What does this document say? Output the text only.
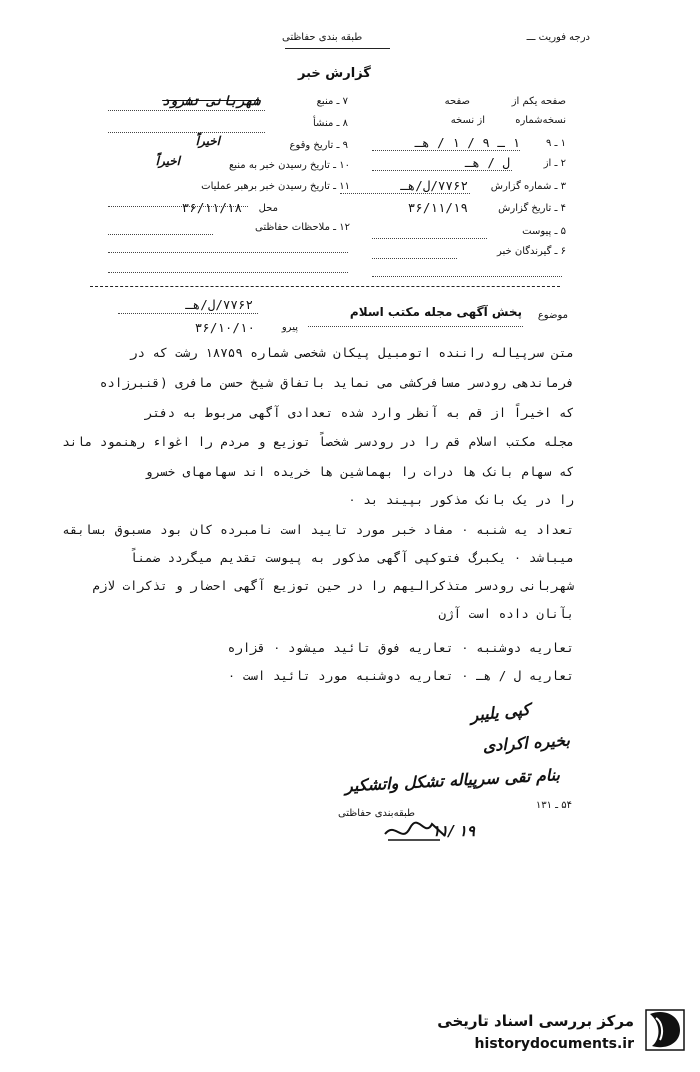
درجه فوریت ـــ
طبقه بندی حفاظتی
گزارش خبر
۷ ـ منبع
شهربانی تشرود
۸ ـ منشأ
۹ ـ تاریخ وقوع
اخیراً
۱۰ ـ تاریخ رسیدن خبر به منبع
اخیراً
۱۱ ـ تاریخ رسیدن خبر برهبر عملیات
محل
۳۶/۱۱/۱۸
۱۲ ـ ملاحظات حفاظتی
صفحه یکم از
صفحه
نسخه‌شماره
از نسخه
۱ ـ ۹
۱ ـ ۹ / ۱ / هـ
۲ ـ از
ل / هـ
۳ ـ شماره گزارش
۷۷۶۲/ل/هـ
۴ ـ تاریخ گزارش
۳۶/۱۱/۱۹
۵ ـ پیوست
۶ ـ گیرندگان خبر
موضوع
پخش آگهی مجله مکتب اسلام
پیرو
۷۷۶۲/ل/هـ
۳۶/۱۰/۱۰
متن سرپیاله راننده اتومبیل پیکان شخصی شماره ۱۸۷۵۹ رشت که در
فرماندهی رودسر مسافرکشی می نماید باتفاق شیخ حسن مافری (قنبرزاده
که اخیراً از قم به آنظر وارد شده تعدادی آگهی مربوط به دفتر
مجله مکتب اسلام قم را در رودسر شخصاً توزیع و مردم را اغواء رهنمود ماند
که سهام بانک ها درات را بهماشین ها خریده اند سهامهای خسرو
را در یک بانک مذکور بپیند بد ۰
تعداد یه شنبه ۰ مفاد خبر مورد تایید است نامبرده کان بود مسبوق بسابقه
میباشد ۰ یکبرگ فتوکپی آگهی مذکور به پیوست تقدیم میگردد ضمناً
شهربانی رودسر متذکرالیهم را در حین توزیع آگهی احضار و تذکرات لازم
بآنان داده است آژن
تعاریه دوشنبه ۰ تعاریه فوق تائید میشود ۰ قزاره
تعاریه ل / هـ ۰ تعاریه دوشنبه مورد تائید است ۰
کپی یلیبر
بخیره اکرادی
بنام تقی سرپیاله تشکل واتشکیر
۵۴ ـ ۱۳۱
طبقه‌بندی حفاظتی
۱۱/ ۱۹
مرکز بررسی اسناد تاریخی
historydocuments.ir
